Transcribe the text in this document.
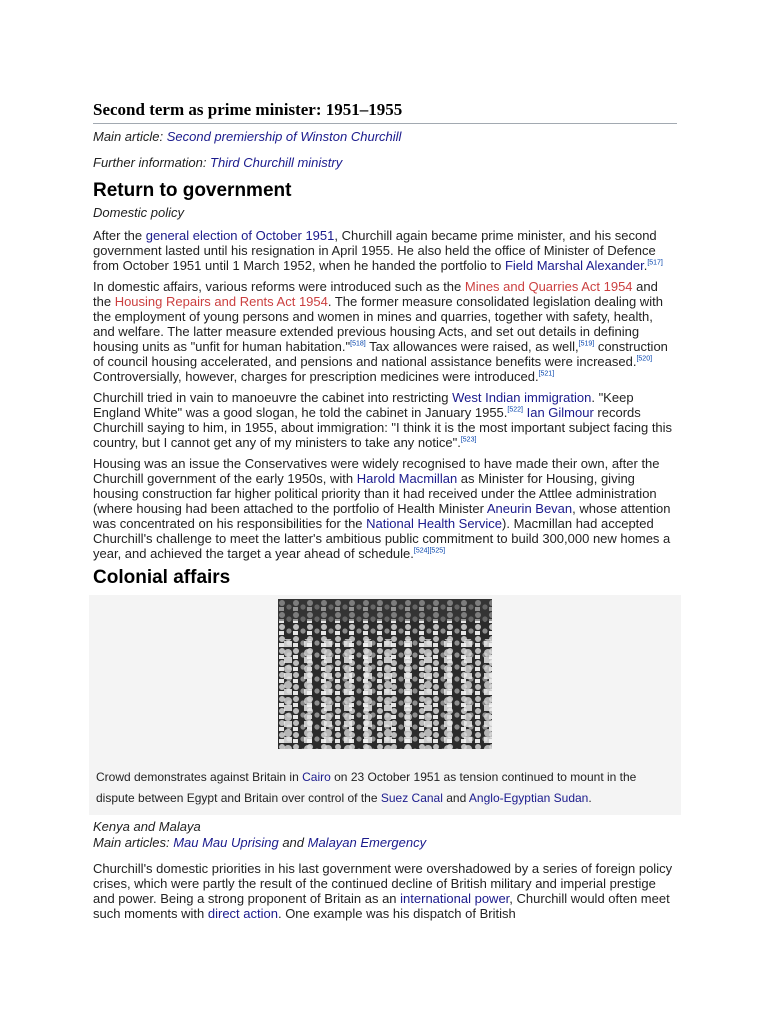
Second term as prime minister: 1951–1955
Main article: Second premiership of Winston Churchill
Further information: Third Churchill ministry
Return to government

Domestic policy

After the general election of October 1951, Churchill again became prime minister, and his second government lasted until his resignation in April 1955. He also held the office of Minister of Defence from October 1951 until 1 March 1952, when he handed the portfolio to Field Marshal Alexander.[517]

In domestic affairs, various reforms were introduced such as the Mines and Quarries Act 1954 and the Housing Repairs and Rents Act 1954. The former measure consolidated legislation dealing with the employment of young persons and women in mines and quarries, together with safety, health, and welfare. The latter measure extended previous housing Acts, and set out details in defining housing units as "unfit for human habitation."[518] Tax allowances were raised, as well,[519] construction of council housing accelerated, and pensions and national assistance benefits were increased.[520] Controversially, however, charges for prescription medicines were introduced.[521]

Churchill tried in vain to manoeuvre the cabinet into restricting West Indian immigration. "Keep England White" was a good slogan, he told the cabinet in January 1955.[522] Ian Gilmour records Churchill saying to him, in 1955, about immigration: "I think it is the most important subject facing this country, but I cannot get any of my ministers to take any notice".[523]

Housing was an issue the Conservatives were widely recognised to have made their own, after the Churchill government of the early 1950s, with Harold Macmillan as Minister for Housing, giving housing construction far higher political priority than it had received under the Attlee administration (where housing had been attached to the portfolio of Health Minister Aneurin Bevan, whose attention was concentrated on his responsibilities for the National Health Service). Macmillan had accepted Churchill's challenge to meet the latter's ambitious public commitment to build 300,000 new homes a year, and achieved the target a year ahead of schedule.[524][525]

Colonial affairs
Crowd demonstrates against Britain in Cairo on 23 October 1951 as tension continued to mount in the dispute between Egypt and Britain over control of the Suez Canal and Anglo-Egyptian Sudan.

Kenya and Malaya

Main articles: Mau Mau Uprising and Malayan Emergency

Churchill's domestic priorities in his last government were overshadowed by a series of foreign policy crises, which were partly the result of the continued decline of British military and imperial prestige and power. Being a strong proponent of Britain as an international power, Churchill would often meet such moments with direct action. One example was his dispatch of British
